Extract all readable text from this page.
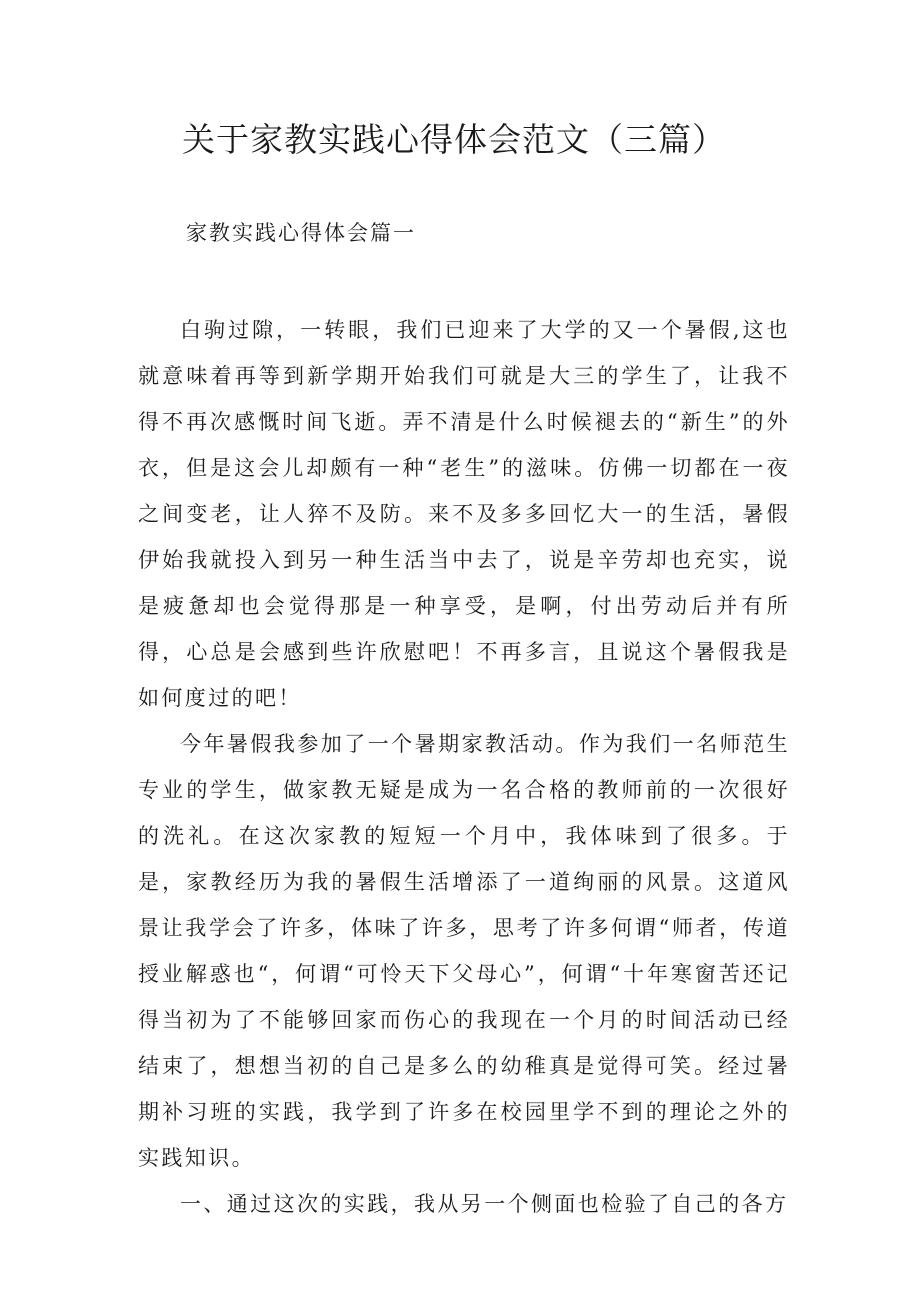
关于家教实践心得体会范文（三篇）
家教实践心得体会篇一

白驹过隙，一转眼，我们已迎来了大学的又一个暑假,这也就意味着再等到新学期开始我们可就是大三的学生了，让我不得不再次感慨时间飞逝。弄不清是什么时候褪去的“新生”的外衣，但是这会儿却颇有一种“老生”的滋味。仿佛一切都在一夜之间变老，让人猝不及防。来不及多多回忆大一的生活，暑假伊始我就投入到另一种生活当中去了，说是辛劳却也充实，说是疲惫却也会觉得那是一种享受，是啊，付出劳动后并有所得，心总是会感到些许欣慰吧！不再多言，且说这个暑假我是如何度过的吧！

今年暑假我参加了一个暑期家教活动。作为我们一名师范生专业的学生，做家教无疑是成为一名合格的教师前的一次很好的洗礼。在这次家教的短短一个月中，我体味到了很多。于是，家教经历为我的暑假生活增添了一道绚丽的风景。这道风景让我学会了许多，体味了许多，思考了许多何谓“师者，传道授业解惑也“，何谓“可怜天下父母心”，何谓“十年寒窗苦还记得当初为了不能够回家而伤心的我现在一个月的时间活动已经结束了，想想当初的自己是多么的幼稚真是觉得可笑。经过暑期补习班的实践，我学到了许多在校园里学不到的理论之外的实践知识。

一、通过这次的实践，我从另一个侧面也检验了自己的各方
